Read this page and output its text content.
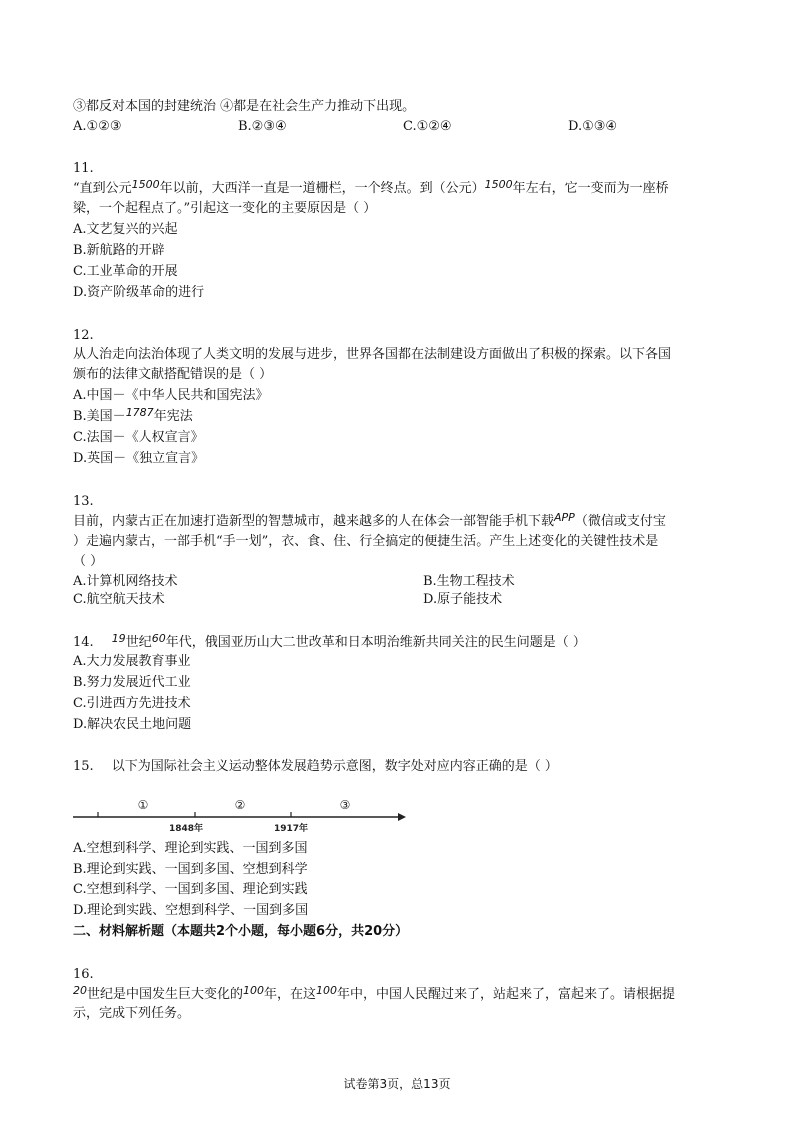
③都反对本国的封建统治 ④都是在社会生产力推动下出现。
A.①②③	B.②③④	C.①②④	D.①③④
11.
“直到公元$^{1500}$年以前，大西洋一直是一道栅栏，一个终点。到（公元）$^{1500}$年左右，它一变而为一座桥
梁，一个起程点了。”引起这一变化的主要原因是（ ）
A.文艺复兴的兴起
B.新航路的开辟
C.工业革命的开展
D.资产阶级革命的进行
12.
从人治走向法治体现了人类文明的发展与进步，世界各国都在法制建设方面做出了积极的探索。以下各国
颁布的法律文献搭配错误的是（ ）
A.中国－《中华人民共和国宪法》
B.美国－$^{1787}$年宪法
C.法国－《人权宣言》
D.英国－《独立宣言》
13.
目前，内蒙古正在加速打造新型的智慧城市，越来越多的人在体会一部智能手机下载$^{APP}$（微信或支付宝
）走遍内蒙古，一部手机“手一划”，衣、食、住、行全搞定的便捷生活。产生上述变化的关键性技术是
（ ）
A.计算机网络技术	B.生物工程技术
C.航空航天技术	D.原子能技术
14. $^{19}$世纪$^{60}$年代，俄国亚历山大二世改革和日本明治维新共同关注的民生问题是（ ）
A.大力发展教育事业
B.努力发展近代工业
C.引进西方先进技术
D.解决农民土地问题
15. 以下为国际社会主义运动整体发展趋势示意图，数字处对应内容正确的是（ ）
①	②	③
1848年	1917年
A.空想到科学、理论到实践、一国到多国
B.理论到实践、一国到多国、空想到科学
C.空想到科学、一国到多国、理论到实践
D.理论到实践、空想到科学、一国到多国
二、材料解析题（本题共2个小题，每小题6分，共20分）
16.
$^{20}$世纪是中国发生巨大变化的$^{100}$年，在这$^{100}$年中，中国人民醒过来了，站起来了，富起来了。请根据提
示，完成下列任务。
试卷第3页，总13页
